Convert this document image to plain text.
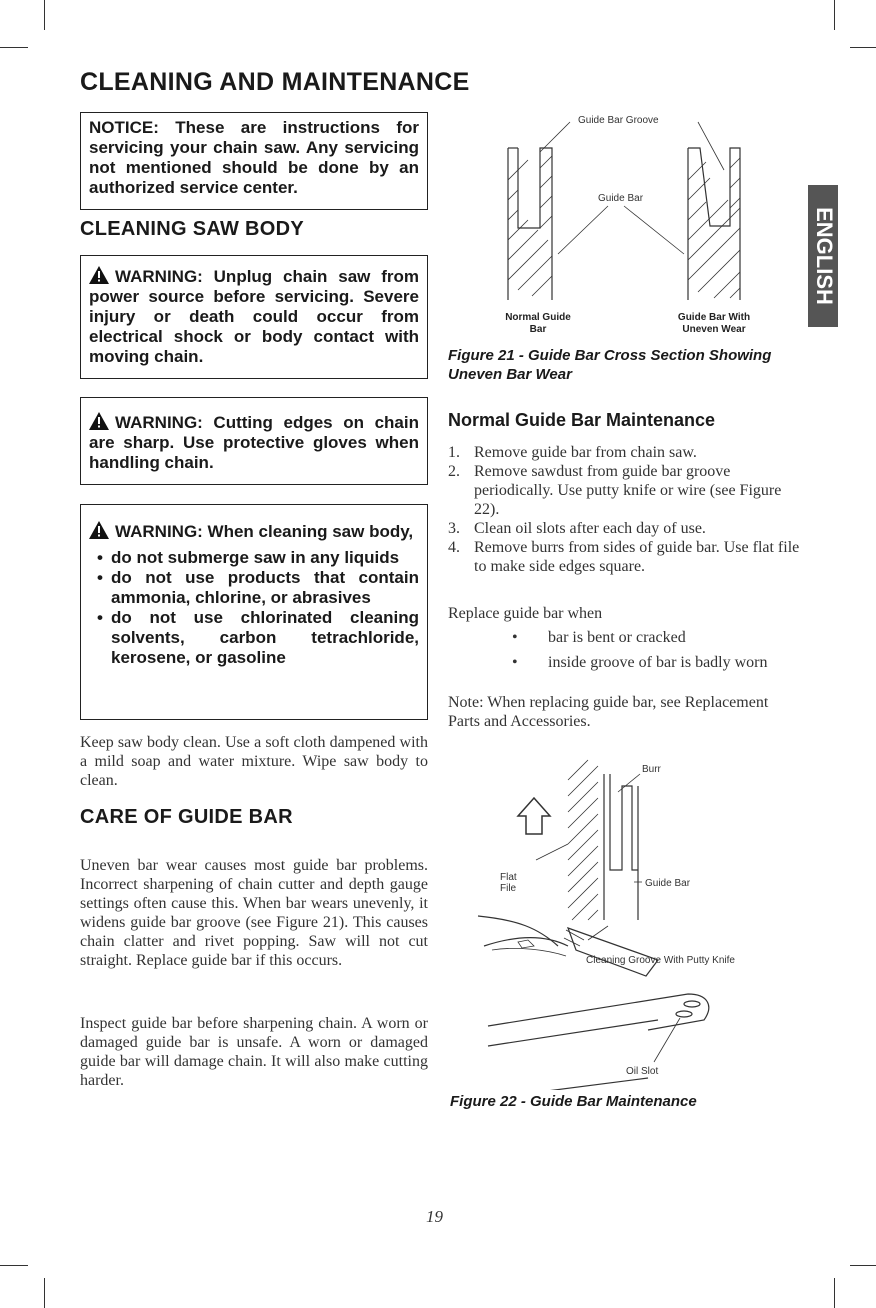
CLEANING AND MAINTENANCE
NOTICE: These are instructions for servicing your chain saw. Any servicing not mentioned should be done by an authorized service center.
CLEANING SAW BODY
WARNING: Unplug chain saw from power source before servicing. Severe injury or death could occur from electrical shock or body contact with moving chain.
WARNING: Cutting edges on chain are sharp. Use protective gloves when handling chain.
WARNING: When cleaning saw body,
• do not submerge saw in any liquids
• do not use products that contain ammonia, chlorine, or abrasives
• do not use chlorinated cleaning solvents, carbon tetrachloride, kerosene, or gasoline
Keep saw body clean. Use a soft cloth dampened with a mild soap and water mixture. Wipe saw body to clean.
CARE OF GUIDE BAR
Uneven bar wear causes most guide bar problems. Incorrect sharpening of chain cutter and depth gauge settings often cause this. When bar wears unevenly, it widens guide bar groove (see Figure 21). This causes chain clatter and rivet popping. Saw will not cut straight. Replace guide bar if this occurs.
Inspect guide bar before sharpening chain. A worn or damaged guide bar is unsafe. A worn or damaged guide bar will damage chain. It will also make cutting harder.
Guide Bar Groove
Guide Bar
Normal Guide Bar
Guide Bar With Uneven Wear
Figure 21 - Guide Bar Cross Section Showing Uneven Bar Wear
ENGLISH
Normal Guide Bar Maintenance
1. Remove guide bar from chain saw.
2. Remove sawdust from guide bar groove periodically. Use putty knife or wire (see Figure 22).
3. Clean oil slots after each day of use.
4. Remove burrs from sides of guide bar. Use flat file to make side edges square.
Replace guide bar when
• bar is bent or cracked
• inside groove of bar is badly worn
Note: When replacing guide bar, see Replacement Parts and Accessories.
Burr
Flat File	Guide Bar
Cleaning Groove With Putty Knife
Oil Slot
Figure 22 - Guide Bar Maintenance
19
